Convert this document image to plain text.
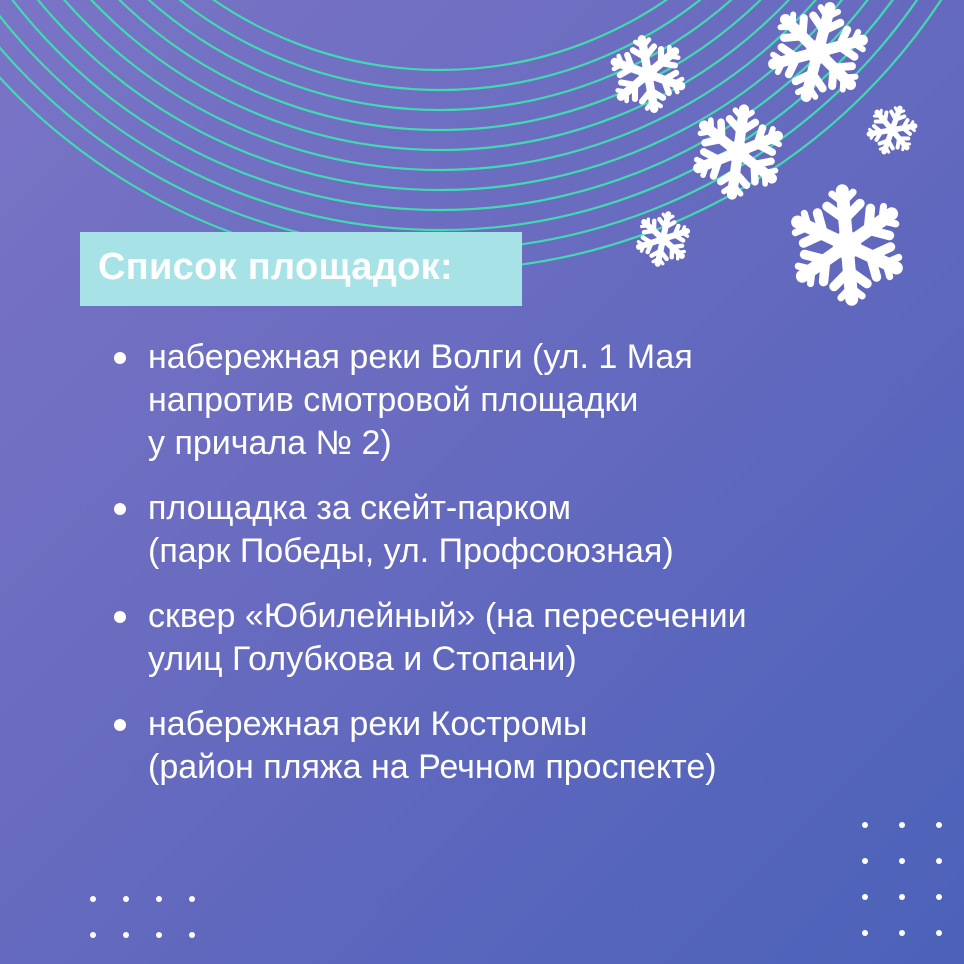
Список площадок:
набережная реки Волги (ул. 1 Мая
напротив смотровой площадки
у причала № 2)
площадка за скейт-парком
(парк Победы, ул. Профсоюзная)
сквер «Юбилейный» (на пересечении
улиц Голубкова и Стопани)
набережная реки Костромы
(район пляжа на Речном проспекте)
